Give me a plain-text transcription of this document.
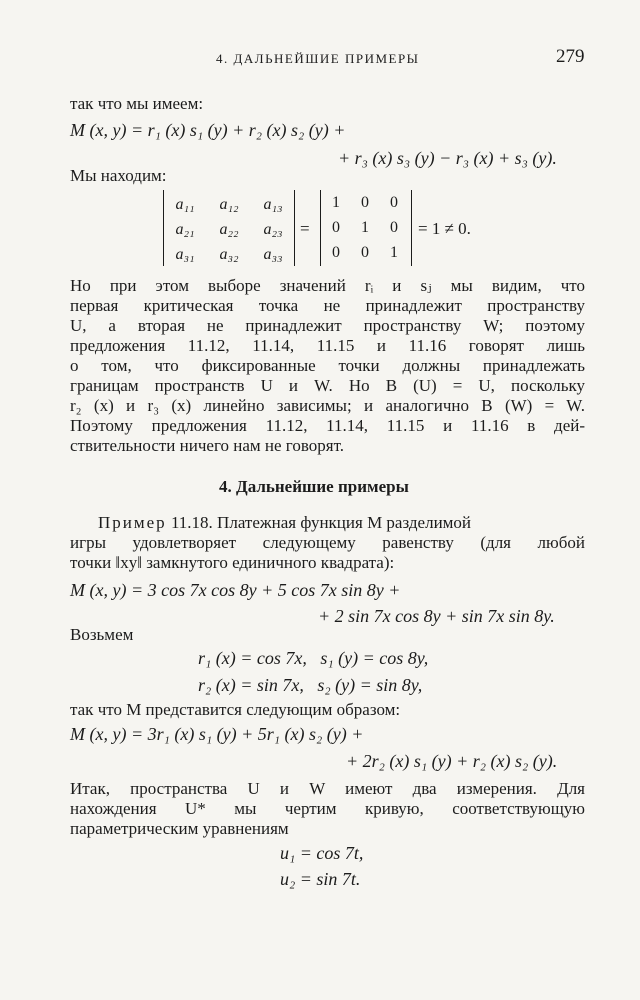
4. ДАЛЬНЕЙШИЕ ПРИМЕРЫ	279
так что мы имеем:
M (x, y) = r₁ (x) s₁ (y) + r₂ (x) s₂ (y) +
+ r₃ (x) s₃ (y) − r₃ (x) + s₃ (y).
Мы находим:
a₁₁	a₁₂	a₁₃
a₂₁	a₂₂	a₂₃
a₃₁	a₃₂	a₃₃
=
1	0	0
0	1	0
0	0	1
= 1 ≠ 0.
Но при этом выборе значений rᵢ и sⱼ мы видим, что
первая критическая точка не принадлежит пространству
U, а вторая не принадлежит пространству W; поэтому
предложения 11.12, 11.14, 11.15 и 11.16 говорят лишь
о том, что фиксированные точки должны принадлежать
границам пространств U и W. Но B (U) = U, поскольку
r₂ (x) и r₃ (x) линейно зависимы; и аналогично B (W) = W.
Поэтому предложения 11.12, 11.14, 11.15 и 11.16 в дей-
ствительности ничего нам не говорят.
4. Дальнейшие примеры
Пример 11.18. Платежная функция M разделимой
игры удовлетворяет следующему равенству (для любой
точки ‖xy‖ замкнутого единичного квадрата):
M (x, y) = 3 cos 7x cos 8y + 5 cos 7x sin 8y +
+ 2 sin 7x cos 8y + sin 7x sin 8y.
Возьмем
r₁ (x) = cos 7x,   s₁ (y) = cos 8y,
r₂ (x) = sin 7x,   s₂ (y) = sin 8y,
так что M представится следующим образом:
M (x, y) = 3r₁ (x) s₁ (y) + 5r₁ (x) s₂ (y) +
+ 2r₂ (x) s₁ (y) + r₂ (x) s₂ (y).
Итак, пространства U и W имеют два измерения. Для
нахождения U* мы чертим кривую, соответствующую
параметрическим уравнениям
u₁ = cos 7t,
u₂ = sin 7t.
